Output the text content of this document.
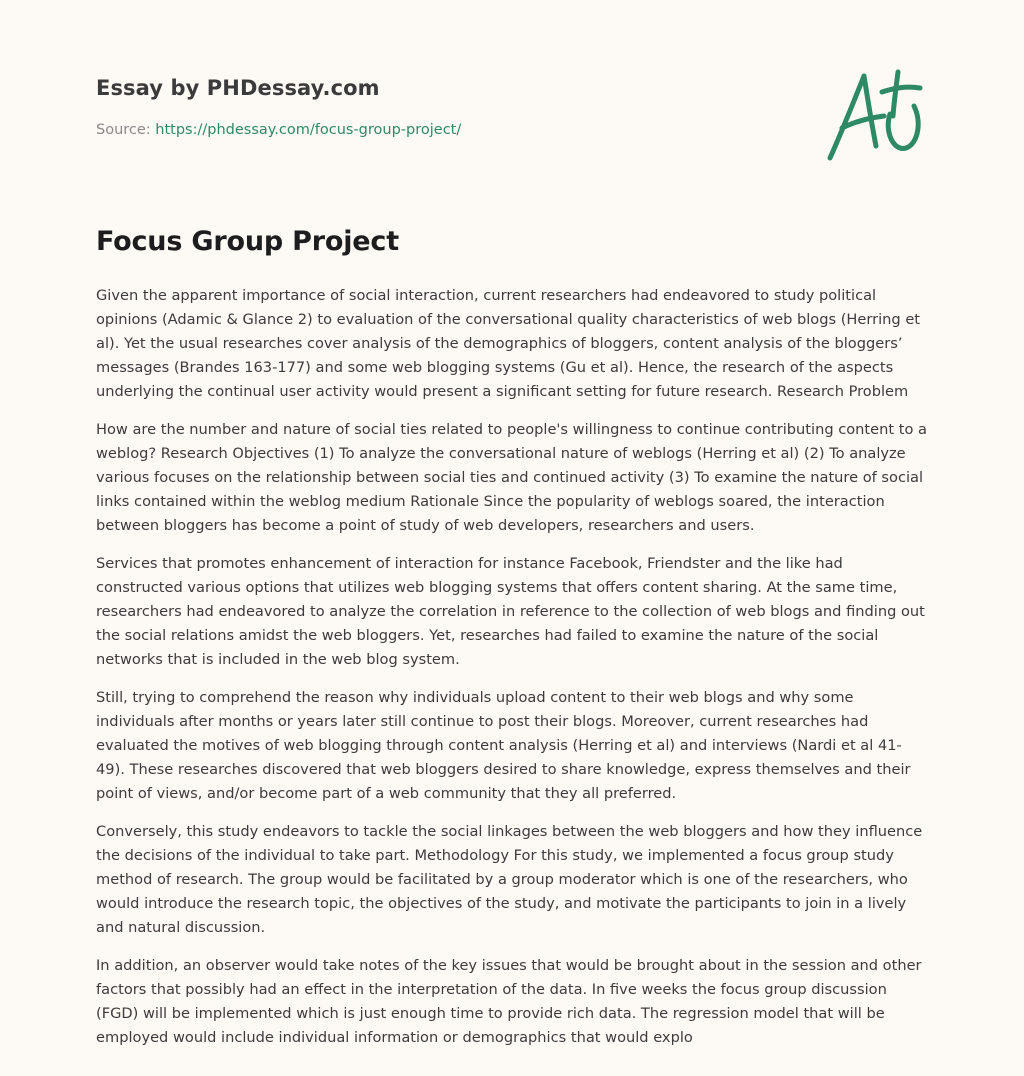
Essay by PHDessay.com
Source: https://phdessay.com/focus-group-project/
Focus Group Project

Given the apparent importance of social interaction, current researchers had endeavored to study political opinions (Adamic & Glance 2) to evaluation of the conversational quality characteristics of web blogs (Herring et al). Yet the usual researches cover analysis of the demographics of bloggers, content analysis of the bloggers’ messages (Brandes 163-177) and some web blogging systems (Gu et al). Hence, the research of the aspects underlying the continual user activity would present a significant setting for future research. Research Problem

How are the number and nature of social ties related to people's willingness to continue contributing content to a weblog? Research Objectives (1) To analyze the conversational nature of weblogs (Herring et al) (2) To analyze various focuses on the relationship between social ties and continued activity (3) To examine the nature of social links contained within the weblog medium Rationale Since the popularity of weblogs soared, the interaction between bloggers has become a point of study of web developers, researchers and users.

Services that promotes enhancement of interaction for instance Facebook, Friendster and the like had constructed various options that utilizes web blogging systems that offers content sharing. At the same time, researchers had endeavored to analyze the correlation in reference to the collection of web blogs and finding out the social relations amidst the web bloggers. Yet, researches had failed to examine the nature of the social networks that is included in the web blog system.

Still, trying to comprehend the reason why individuals upload content to their web blogs and why some individuals after months or years later still continue to post their blogs. Moreover, current researches had evaluated the motives of web blogging through content analysis (Herring et al) and interviews (Nardi et al 41-49). These researches discovered that web bloggers desired to share knowledge, express themselves and their point of views, and/or become part of a web community that they all preferred.

Conversely, this study endeavors to tackle the social linkages between the web bloggers and how they influence the decisions of the individual to take part. Methodology For this study, we implemented a focus group study method of research. The group would be facilitated by a group moderator which is one of the researchers, who would introduce the research topic, the objectives of the study, and motivate the participants to join in a lively and natural discussion.

In addition, an observer would take notes of the key issues that would be brought about in the session and other factors that possibly had an effect in the interpretation of the data. In five weeks the focus group discussion (FGD) will be implemented which is just enough time to provide rich data. The regression model that will be employed would include individual information or demographics that would explo
